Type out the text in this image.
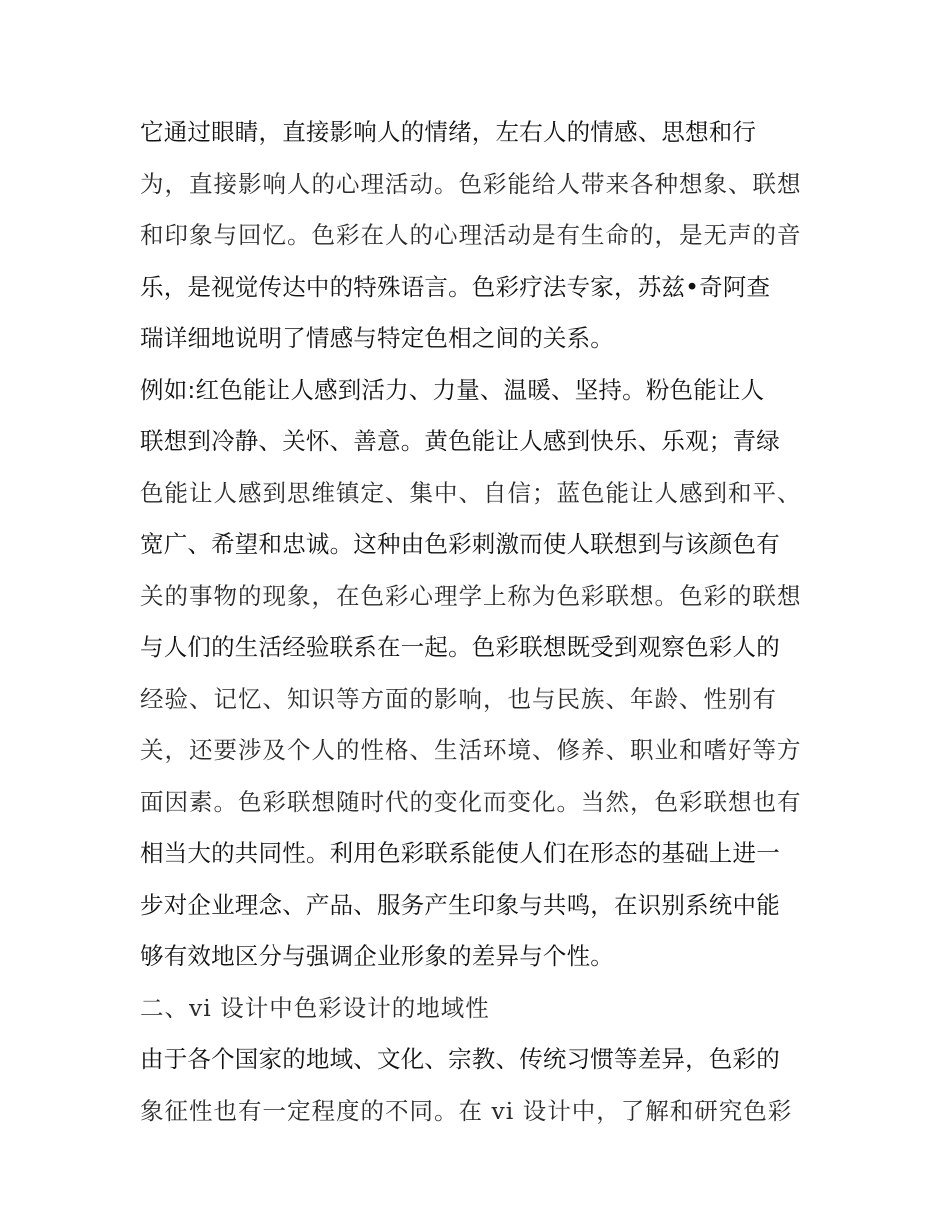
它通过眼睛，直接影响人的情绪，左右人的情感、思想和行
为，直接影响人的心理活动。色彩能给人带来各种想象、联想
和印象与回忆。色彩在人的心理活动是有生命的，是无声的音
乐，是视觉传达中的特殊语言。色彩疗法专家，苏兹•奇阿查
瑞详细地说明了情感与特定色相之间的关系。
例如:红色能让人感到活力、力量、温暖、坚持。粉色能让人
联想到冷静、关怀、善意。黄色能让人感到快乐、乐观；青绿
色能让人感到思维镇定、集中、自信；蓝色能让人感到和平、
宽广、希望和忠诚。这种由色彩刺激而使人联想到与该颜色有
关的事物的现象，在色彩心理学上称为色彩联想。色彩的联想
与人们的生活经验联系在一起。色彩联想既受到观察色彩人的
经验、记忆、知识等方面的影响，也与民族、年龄、性别有
关，还要涉及个人的性格、生活环境、修养、职业和嗜好等方
面因素。色彩联想随时代的变化而变化。当然，色彩联想也有
相当大的共同性。利用色彩联系能使人们在形态的基础上进一
步对企业理念、产品、服务产生印象与共鸣，在识别系统中能
够有效地区分与强调企业形象的差异与个性。
二、vi 设计中色彩设计的地域性
由于各个国家的地域、文化、宗教、传统习惯等差异，色彩的
象征性也有一定程度的不同。在 vi 设计中，了解和研究色彩
